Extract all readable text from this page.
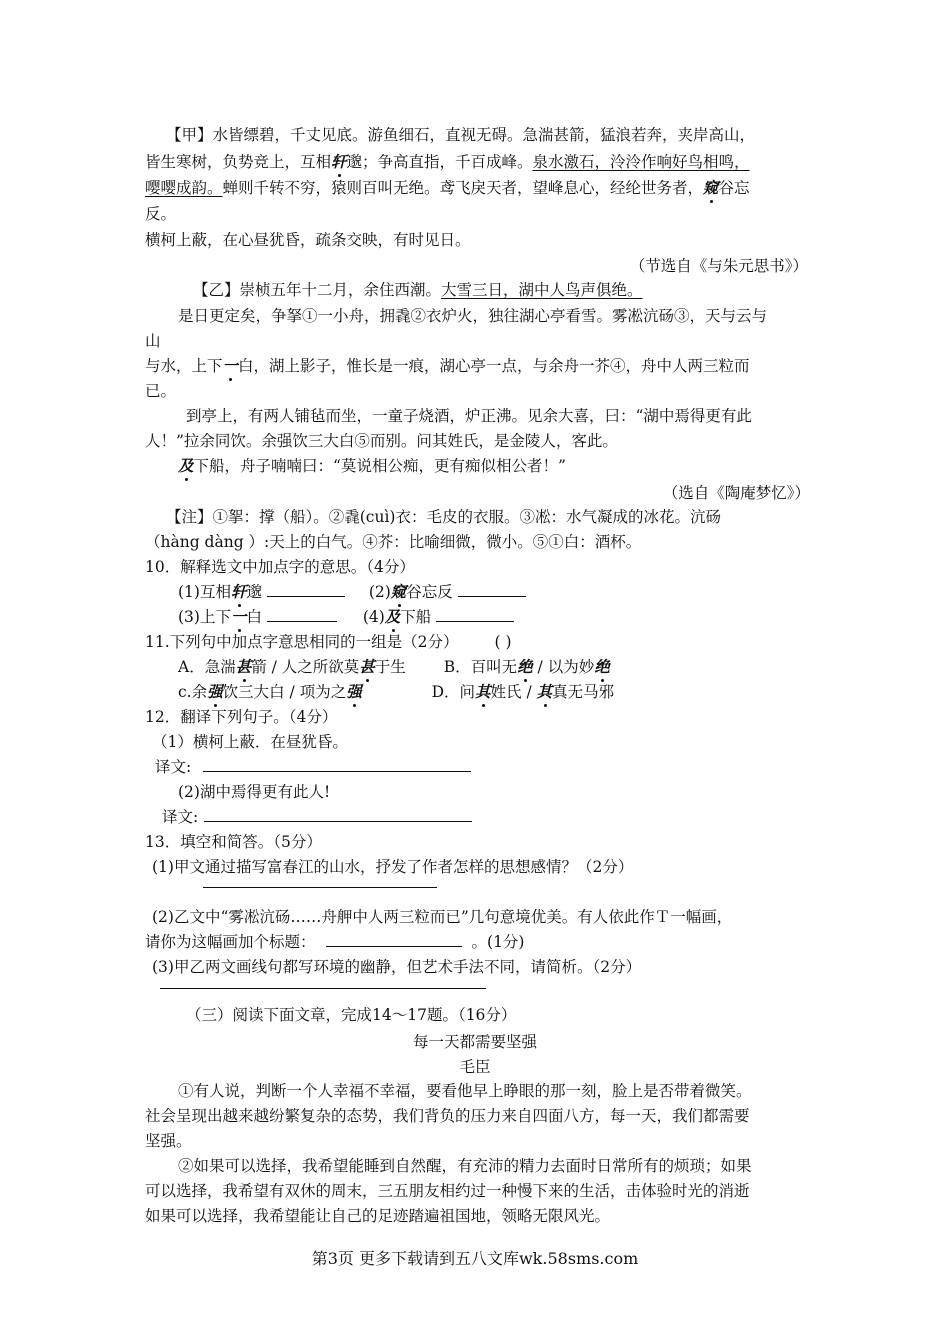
【甲】水皆缥碧，千丈见底。游鱼细石，直视无碍。急湍甚箭，猛浪若奔，夹岸高山，
皆生寒树，负势竞上，互相轩邈；争高直指，千百成峰。泉水激石，泠泠作响好鸟相鸣，
嘤嘤成韵。蝉则千转不穷，猿则百叫无绝。鸢飞戾天者，望峰息心，经纶世务者，窥谷忘
反。
横柯上蔽，在心昼犹昏，疏条交映，有时见日。
（节选自《与朱元思书》）
【乙】崇桢五年十二月，余住西潮。大雪三日，湖中人鸟声俱绝。
是日更定矣，争拏①一小舟，拥毳②衣炉火，独往湖心亭看雪。雾凇沆砀③，天与云与
山
与水，上下一白，湖上影子，惟长是一痕，湖心亭一点，与余舟一芥④，舟中人两三粒而
已。
到亭上，有两人铺毡而坐，一童子烧酒，炉正沸。见余大喜，曰：“湖中焉得更有此
人！”拉余同饮。余强饮三大白⑤而别。问其姓氏，是金陵人，客此。
及下船，舟子喃喃曰：“莫说相公痴，更有痴似相公者！”
（选自《陶庵梦忆》）
【注】①挐：撑（船）。②毳(cuì)衣：毛皮的衣服。③凇：水气凝成的冰花。沆砀
（hàng dàng ）:天上的白气。④芥：比喻细微，微小。⑤①白：酒杯。
10．解释选文中加点字的意思。（4分）
(1)互相轩邈	(2)窥谷忘反
(3)上下一白	(4)及下船
11.下列句中加点字意思相同的一组是（2分） ( )
A．急湍甚箭 / 人之所欲莫甚于生 B．百叫无绝 / 以为妙绝
c.余强饮三大白 / 项为之强	D．问其姓氏 / 其真无马邪
12．翻译下列句子。（4分）
（1）横柯上蔽．在昼犹昏。
译文:
(2)湖中焉得更有此人!
译文:
13．填空和简答。（5分）
(1)甲文通过描写富春江的山水，抒发了作者怎样的思想感情？（2分）
(2)乙文中“雾凇沆砀……舟舺中人两三粒而已”几句意境优美。有人依此作Ｔ一幅画，
请你为这幅画加个标题：	。(1分)
(3)甲乙两文画线句都写环境的幽静，但艺术手法不同，请简析。（2分）
（三）阅读下面文章，完成14～17题。（16分）
每一天都需要坚强
毛臣
①有人说，判断一个人幸福不幸福，要看他早上睁眼的那一刻，脸上是否带着微笑。
社会呈现出越来越纷繁复杂的态势，我们背负的压力来自四面八方，每一天，我们都需要
坚强。
②如果可以选择，我希望能睡到自然醒，有充沛的精力去面时日常所有的烦琐；如果
可以选择，我希望有双休的周末，三五朋友相约过一种慢下来的生活，击体验时光的消逝
如果可以选择，我希望能让自己的足迹踏遍祖国地，领略无限风光。
第3页 更多下载请到五八文库wk.58sms.com
